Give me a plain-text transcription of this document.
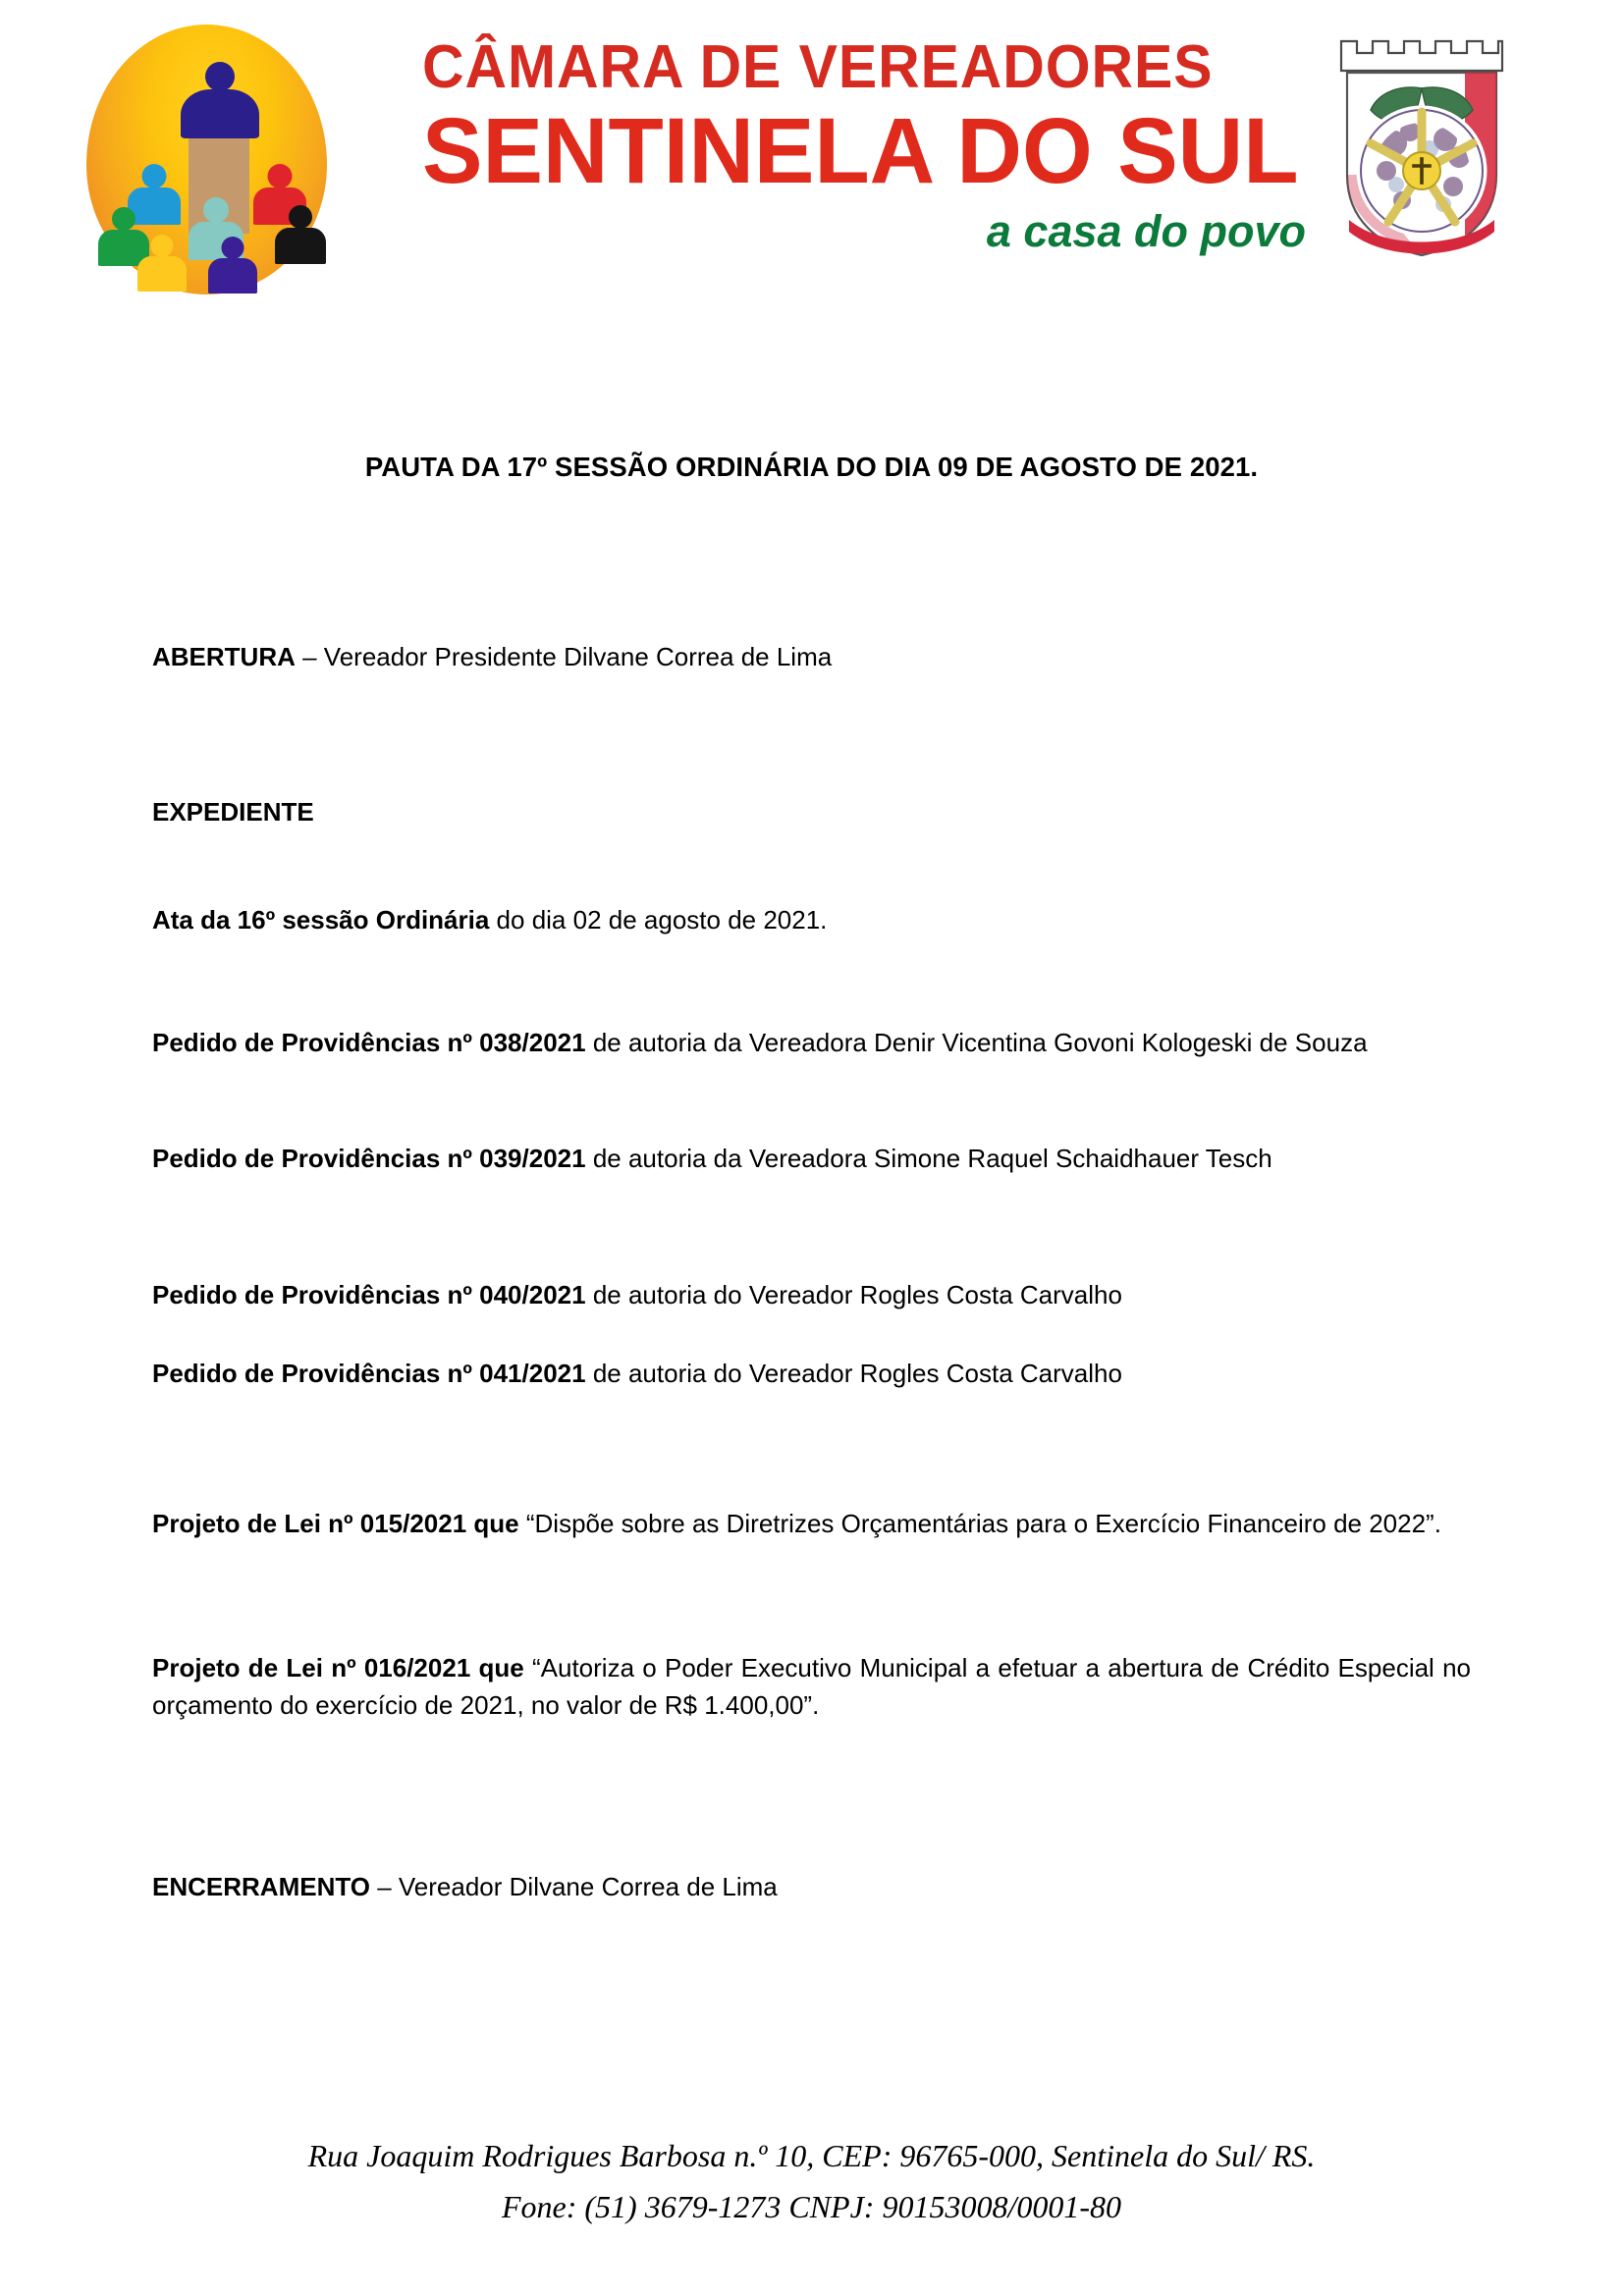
CÂMARA DE VEREADORES
SENTINELA DO SUL
a casa do povo
PAUTA DA 17º SESSÃO ORDINÁRIA DO DIA 09 DE AGOSTO DE 2021.
ABERTURA – Vereador Presidente Dilvane Correa de Lima
EXPEDIENTE
Ata da 16º sessão Ordinária do dia 02 de agosto de 2021.
Pedido de Providências nº 038/2021 de autoria da Vereadora Denir Vicentina Govoni Kologeski de Souza
Pedido de Providências nº 039/2021 de autoria da Vereadora Simone Raquel Schaidhauer Tesch
Pedido de Providências nº 040/2021 de autoria do Vereador Rogles Costa Carvalho
Pedido de Providências nº 041/2021 de autoria do Vereador Rogles Costa Carvalho
Projeto de Lei nº 015/2021 que “Dispõe sobre as Diretrizes Orçamentárias para o Exercício Financeiro de 2022”.
Projeto de Lei nº 016/2021 que “Autoriza o Poder Executivo Municipal a efetuar a abertura de Crédito Especial no orçamento do exercício de 2021, no valor de R$ 1.400,00”.
ENCERRAMENTO – Vereador Dilvane Correa de Lima
Rua Joaquim Rodrigues Barbosa n.º 10, CEP: 96765-000, Sentinela do Sul/ RS.
Fone: (51) 3679-1273 CNPJ: 90153008/0001-80
